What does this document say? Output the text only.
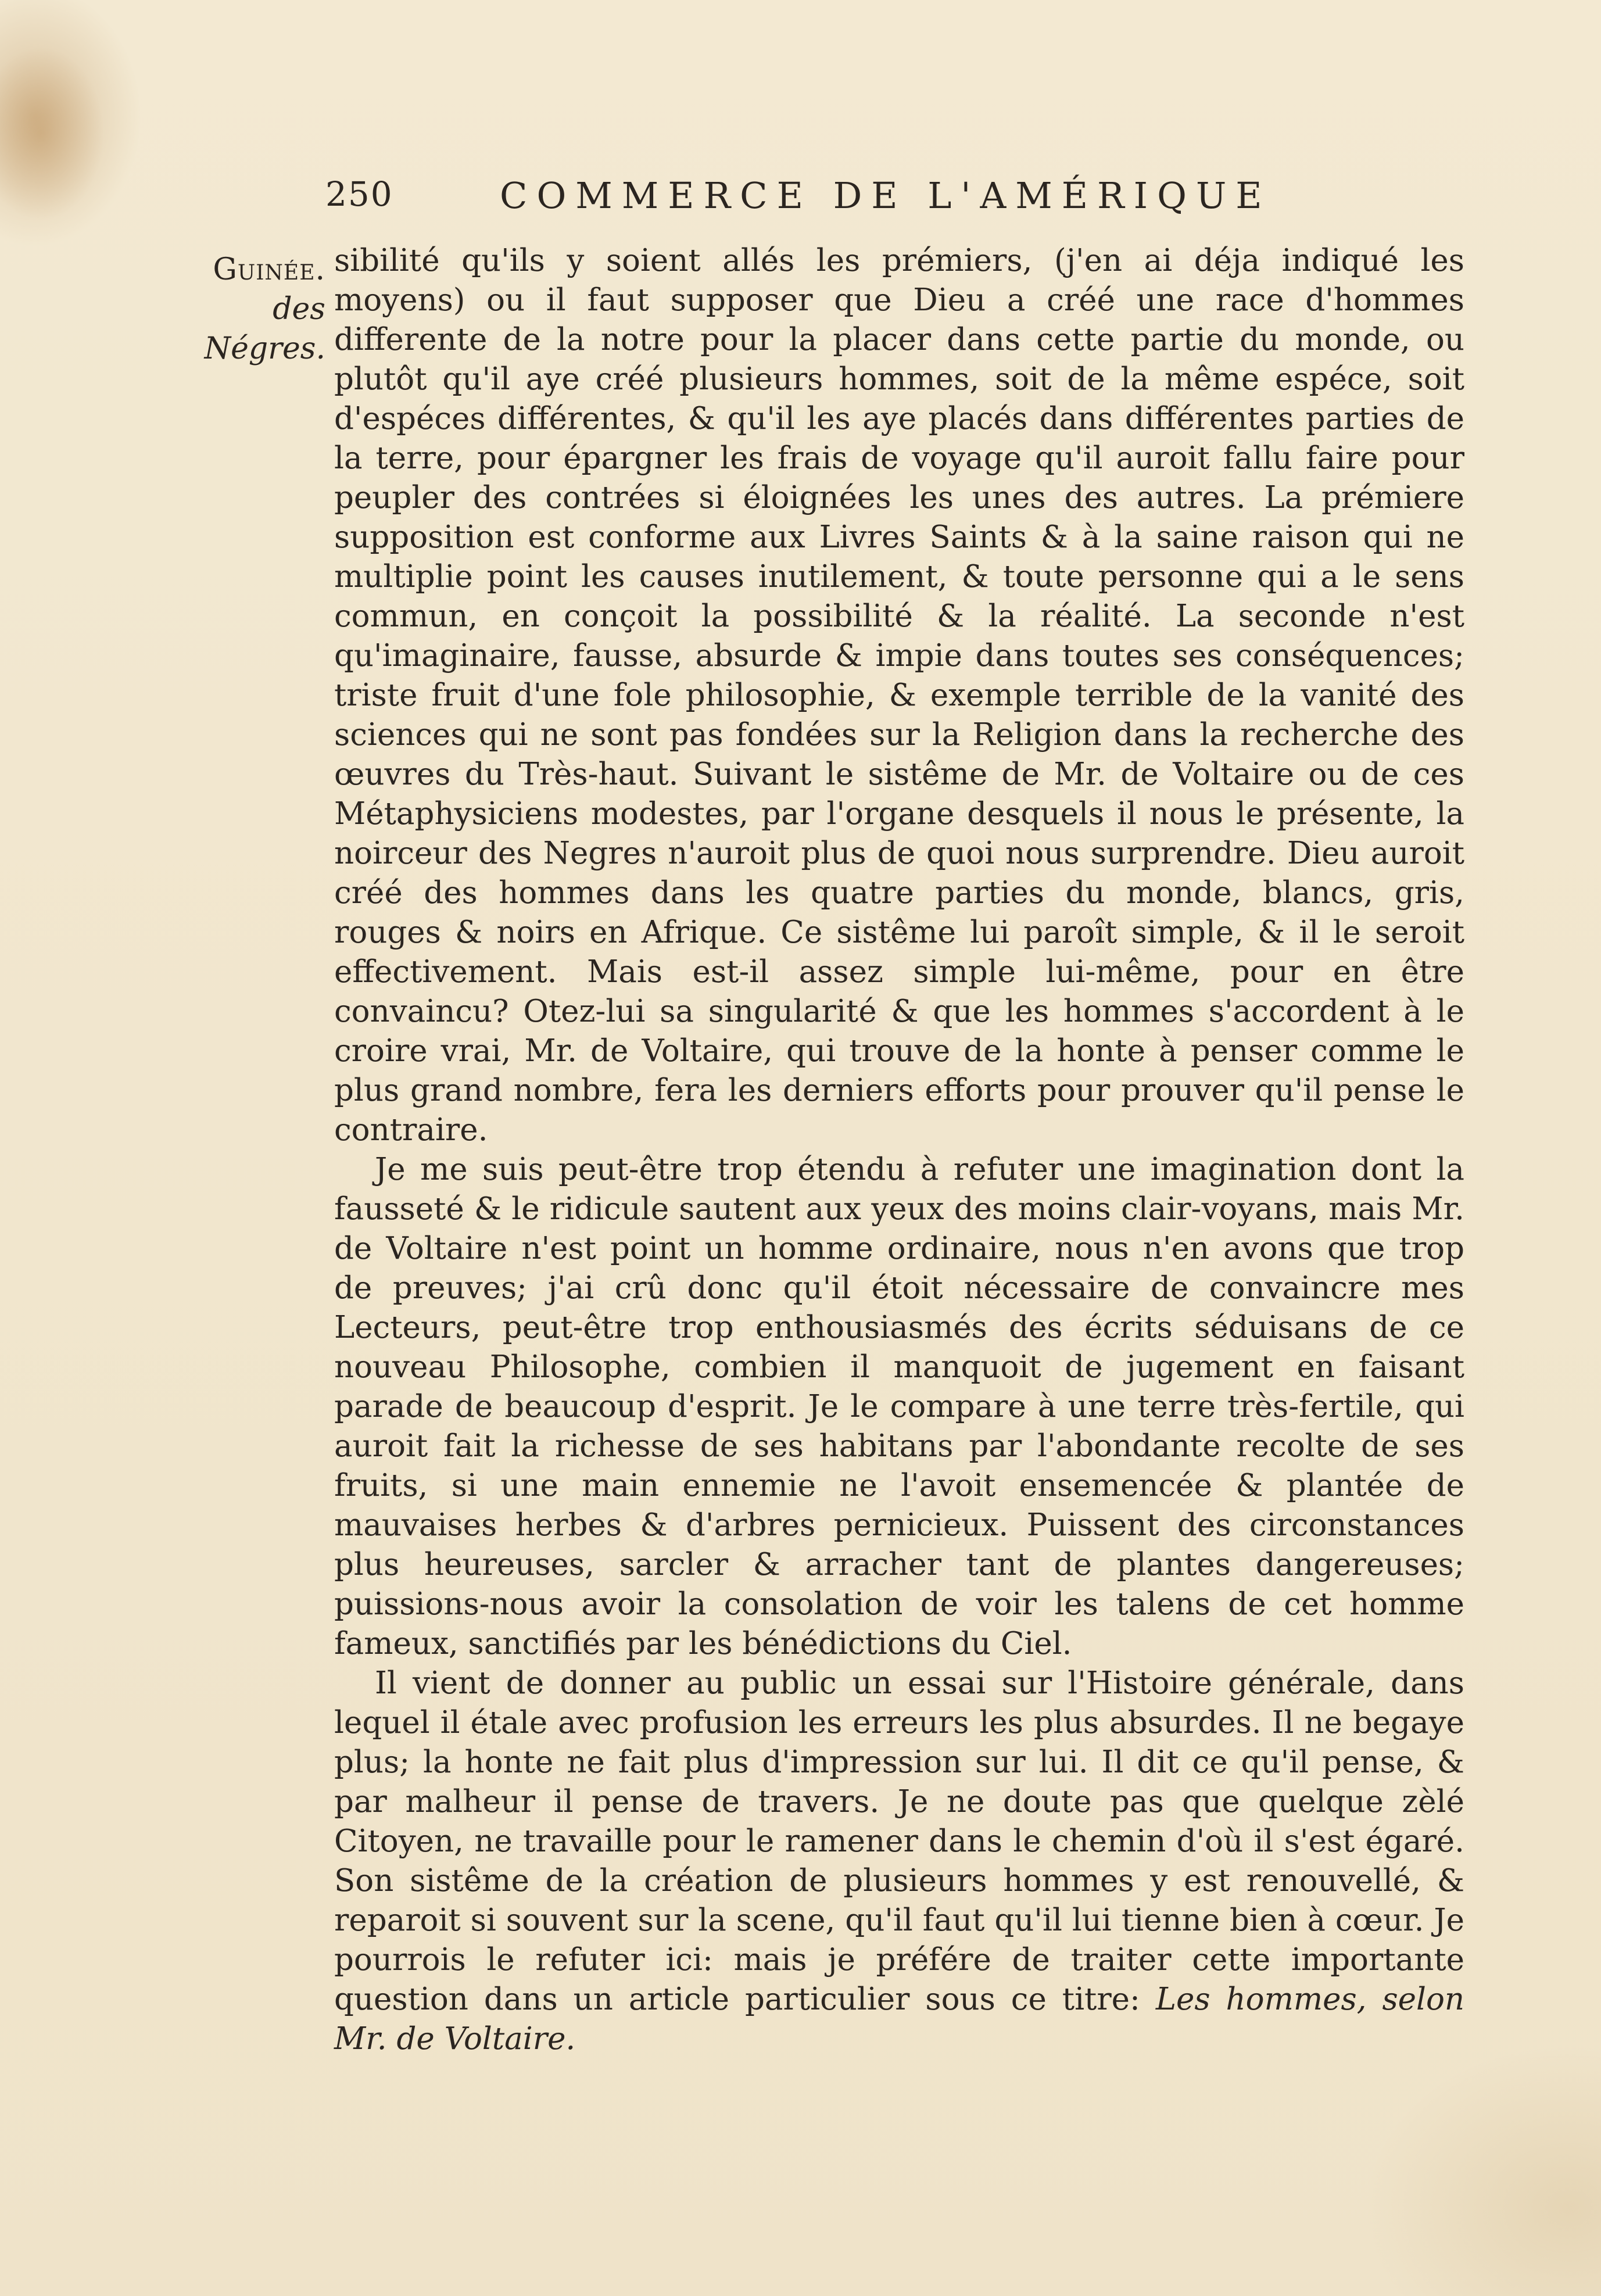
250	COMMERCE DE L'AMÉRIQUE
Guinée.
des Négres.

sibilité qu'ils y soient allés les prémiers, (j'en ai déja indiqué les moyens) ou il faut supposer que Dieu a créé une race d'hommes differente de la notre pour la placer dans cette partie du monde, ou plutôt qu'il aye créé plusieurs hommes, soit de la même espéce, soit d'espéces différentes, & qu'il les aye placés dans différentes parties de la terre, pour épargner les frais de voyage qu'il auroit fallu faire pour peupler des contrées si éloignées les unes des autres. La prémiere supposition est conforme aux Livres Saints & à la saine raison qui ne multiplie point les causes inutilement, & toute personne qui a le sens commun, en conçoit la possibilité & la réalité. La seconde n'est qu'imaginaire, fausse, absurde & impie dans toutes ses conséquences; triste fruit d'une fole philosophie, & exemple terrible de la vanité des sciences qui ne sont pas fondées sur la Religion dans la recherche des œuvres du Très-haut. Suivant le sistême de Mr. de Voltaire ou de ces Métaphysiciens modestes, par l'organe desquels il nous le présente, la noirceur des Negres n'auroit plus de quoi nous surprendre. Dieu auroit créé des hommes dans les quatre parties du monde, blancs, gris, rouges & noirs en Afrique. Ce sistême lui paroît simple, & il le seroit effectivement. Mais est-il assez simple lui-même, pour en être convaincu? Otez-lui sa singularité & que les hommes s'accordent à le croire vrai, Mr. de Voltaire, qui trouve de la honte à penser comme le plus grand nombre, fera les derniers efforts pour prouver qu'il pense le contraire.

Je me suis peut-être trop étendu à refuter une imagination dont la fausseté & le ridicule sautent aux yeux des moins clair-voyans, mais Mr. de Voltaire n'est point un homme ordinaire, nous n'en avons que trop de preuves; j'ai crû donc qu'il étoit nécessaire de convaincre mes Lecteurs, peut-être trop enthousiasmés des écrits séduisans de ce nouveau Philosophe, combien il manquoit de jugement en faisant parade de beaucoup d'esprit. Je le compare à une terre très-fertile, qui auroit fait la richesse de ses habitans par l'abondante recolte de ses fruits, si une main ennemie ne l'avoit ensemencée & plantée de mauvaises herbes & d'arbres pernicieux. Puissent des circonstances plus heureuses, sarcler & arracher tant de plantes dangereuses; puissions-nous avoir la consolation de voir les talens de cet homme fameux, sanctifiés par les bénédictions du Ciel.

Il vient de donner au public un essai sur l'Histoire générale, dans lequel il étale avec profusion les erreurs les plus absurdes. Il ne begaye plus; la honte ne fait plus d'impression sur lui. Il dit ce qu'il pense, & par malheur il pense de travers. Je ne doute pas que quelque zèlé Citoyen, ne travaille pour le ramener dans le chemin d'où il s'est égaré. Son sistême de la création de plusieurs hommes y est renouvellé, & reparoit si souvent sur la scene, qu'il faut qu'il lui tienne bien à cœur. Je pourrois le refuter ici: mais je préfére de traiter cette importante question dans un article particulier sous ce titre: Les hommes, selon Mr. de Voltaire.
